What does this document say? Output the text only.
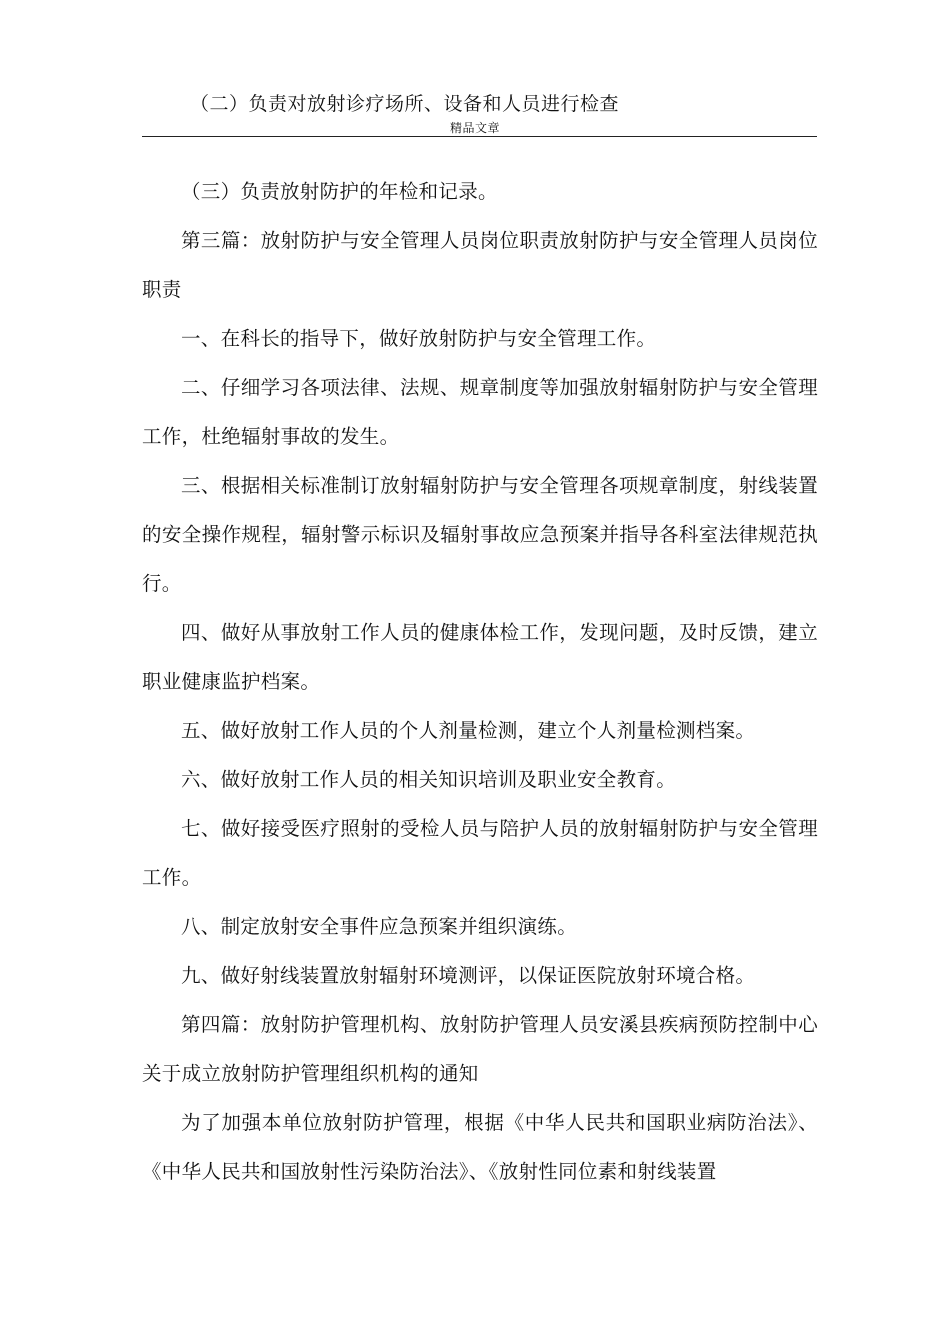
（二）负责对放射诊疗场所、设备和人员进行检查
精品文章

（三）负责放射防护的年检和记录。

第三篇：放射防护与安全管理人员岗位职责放射防护与安全管理人员岗位职责

一、在科长的指导下，做好放射防护与安全管理工作。

二、仔细学习各项法律、法规、规章制度等加强放射辐射防护与安全管理工作，杜绝辐射事故的发生。

三、根据相关标准制订放射辐射防护与安全管理各项规章制度，射线装置的安全操作规程，辐射警示标识及辐射事故应急预案并指导各科室法律规范执行。

四、做好从事放射工作人员的健康体检工作，发现问题，及时反馈，建立职业健康监护档案。

五、做好放射工作人员的个人剂量检测，建立个人剂量检测档案。

六、做好放射工作人员的相关知识培训及职业安全教育。

七、做好接受医疗照射的受检人员与陪护人员的放射辐射防护与安全管理工作。

八、制定放射安全事件应急预案并组织演练。

九、做好射线装置放射辐射环境测评，以保证医院放射环境合格。

第四篇：放射防护管理机构、放射防护管理人员安溪县疾病预防控制中心关于成立放射防护管理组织机构的通知

为了加强本单位放射防护管理，根据《中华人民共和国职业病防治法》、《中华人民共和国放射性污染防治法》、《放射性同位素和射线装置
